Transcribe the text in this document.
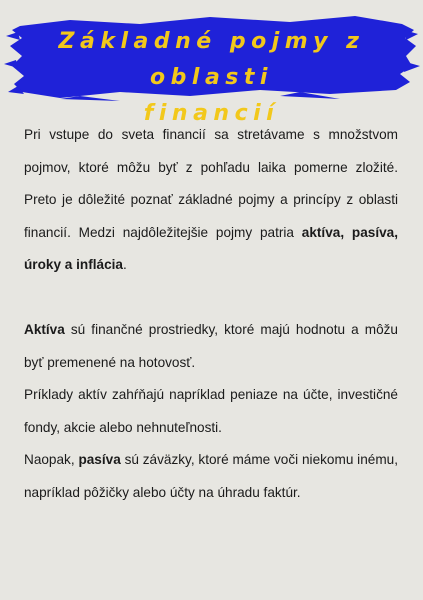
Základné pojmy z oblasti
financií

Pri vstupe do sveta financií sa stretávame s množstvom pojmov, ktoré môžu byť z pohľadu laika pomerne zložité. Preto je dôležité poznať základné pojmy a princípy z oblasti financií. Medzi najdôležitejšie pojmy patria aktíva, pasíva, úroky a inflácia.

Aktíva sú finančné prostriedky, ktoré majú hodnotu a môžu byť premenené na hotovosť.

Príklady aktív zahŕňajú napríklad peniaze na účte, investičné fondy, akcie alebo nehnuteľnosti.

Naopak, pasíva sú záväzky, ktoré máme voči niekomu inému, napríklad pôžičky alebo účty na úhradu faktúr.
